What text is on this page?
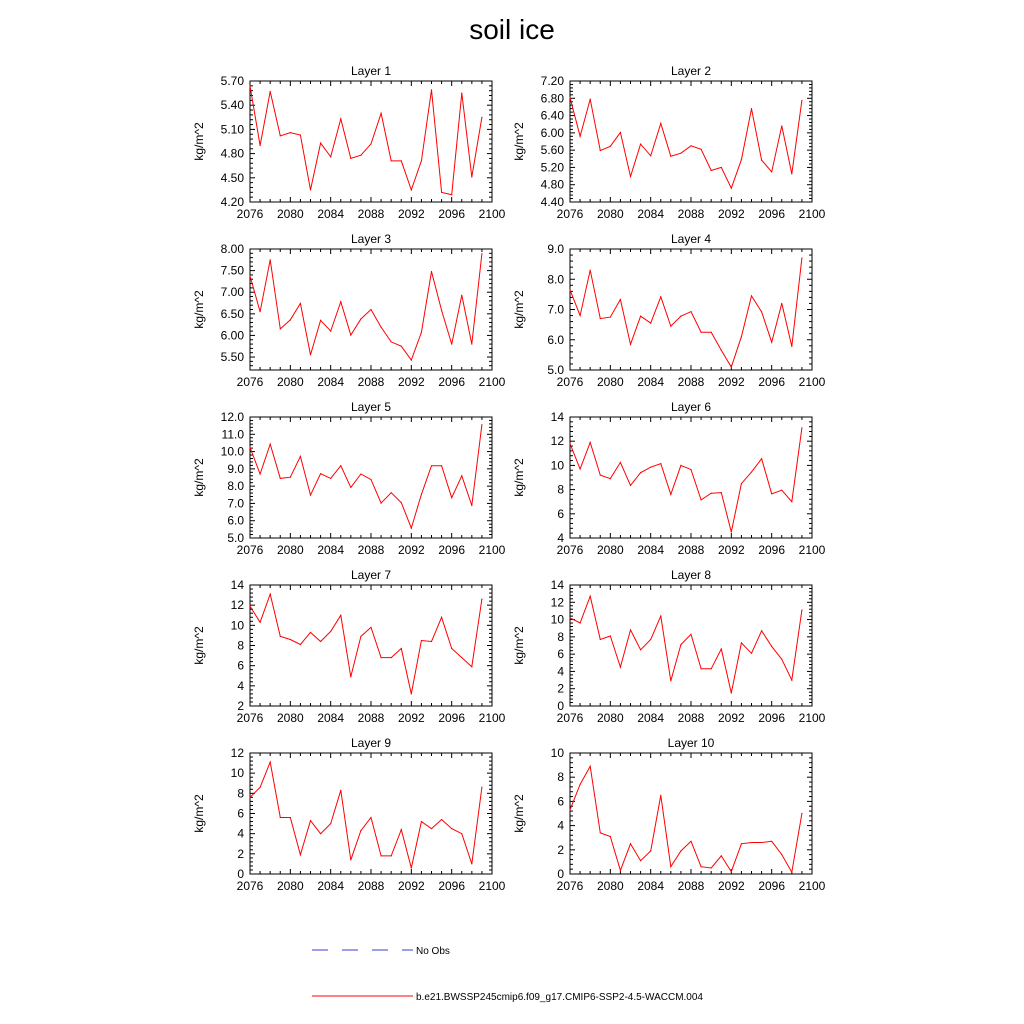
soil ice
Layer 1
kg/m^2
2076 2080 2084 2088 2092 2096 2100
4.20
4.50
4.80
5.10
5.40
5.70
Layer 2
kg/m^2
2076 2080 2084 2088 2092 2096 2100
4.40
4.80
5.20
5.60
6.00
6.40
6.80
7.20
Layer 3
kg/m^2
2076 2080 2084 2088 2092 2096 2100
5.50
6.00
6.50
7.00
7.50
8.00
Layer 4
kg/m^2
2076 2080 2084 2088 2092 2096 2100
5.0
6.0
7.0
8.0
9.0
Layer 5
kg/m^2
2076 2080 2084 2088 2092 2096 2100
5.0
6.0
7.0
8.0
9.0
10.0
11.0
12.0
Layer 6
kg/m^2
2076 2080 2084 2088 2092 2096 2100
4
6
8
10
12
14
Layer 7
kg/m^2
2076 2080 2084 2088 2092 2096 2100
2
4
6
8
10
12
14
Layer 8
kg/m^2
2076 2080 2084 2088 2092 2096 2100
0
2
4
6
8
10
12
14
Layer 9
kg/m^2
2076 2080 2084 2088 2092 2096 2100
0
2
4
6
8
10
12
Layer 10
kg/m^2
2076 2080 2084 2088 2092 2096 2100
0
2
4
6
8
10
No Obs
b.e21.BWSSP245cmip6.f09_g17.CMIP6-SSP2-4.5-WACCM.004
